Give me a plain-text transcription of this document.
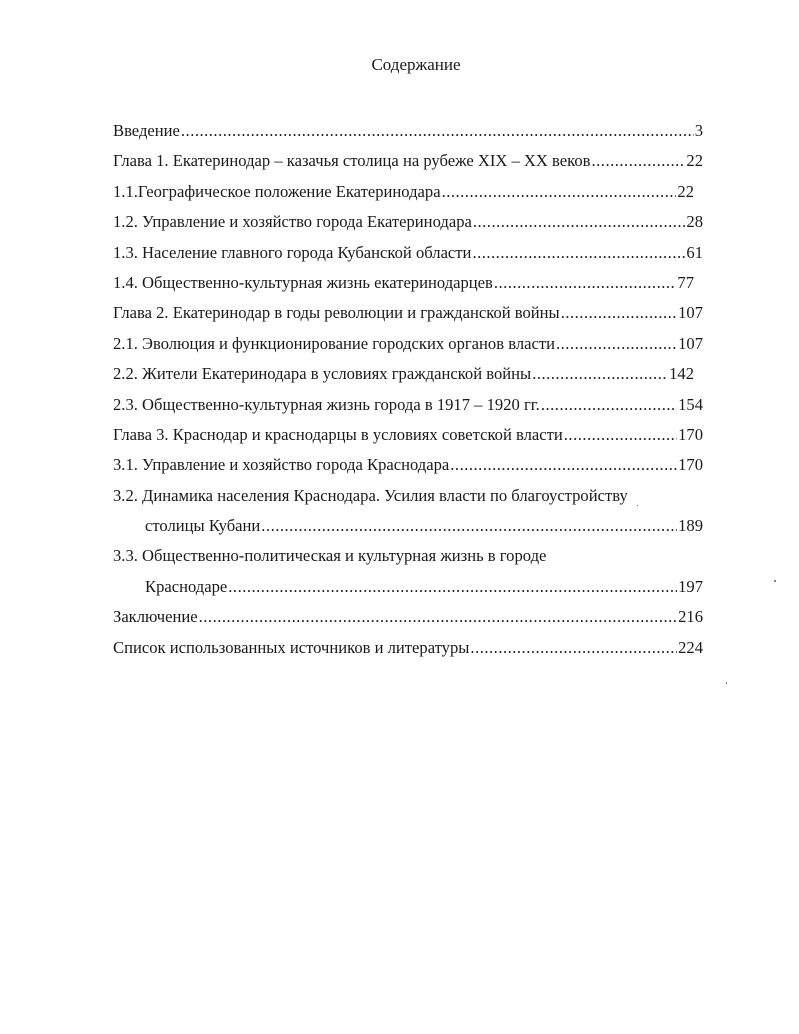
Содержание
Введение .....	3
Глава 1. Екатеринодар – казачья столица на рубеже XIX – XX веков .....	22
1.1.Географическое положение Екатеринодара .....	22
1.2. Управление и хозяйство города Екатеринодара .....	28
1.3. Население главного города Кубанской области .....	61
1.4. Общественно-культурная жизнь екатеринодарцев .....	77
Глава 2. Екатеринодар в годы революции и гражданской войны .....	107
2.1. Эволюция и функционирование городских органов власти .....	107
2.2. Жители Екатеринодара в условиях гражданской войны .....	142
2.3. Общественно-культурная жизнь города в 1917 – 1920 гг. .....	154
Глава 3. Краснодар и краснодарцы в условиях советской власти .....	170
3.1. Управление и хозяйство города Краснодара .....	170
3.2. Динамика населения Краснодара. Усилия власти по благоустройству
столицы Кубани .....	189
3.3. Общественно-политическая и культурная жизнь в городе
Краснодаре .....	197
Заключение .....	216
Список использованных источников и литературы .....	224
